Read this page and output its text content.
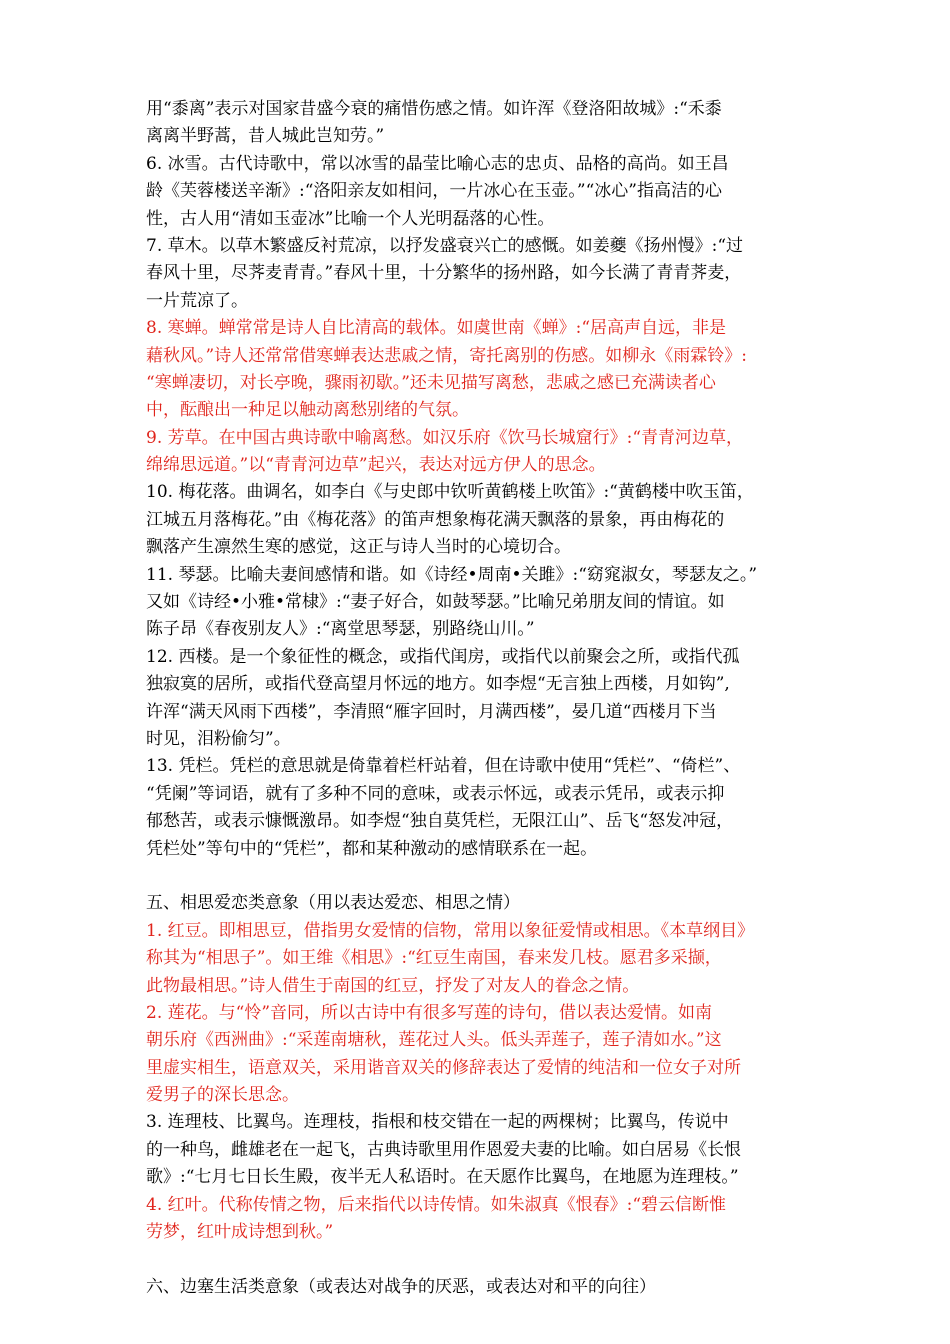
用“黍离”表示对国家昔盛今衰的痛惜伤感之情。如许浑《登洛阳故城》:“禾黍
离离半野蒿，昔人城此岂知劳。”
6. 冰雪。古代诗歌中，常以冰雪的晶莹比喻心志的忠贞、品格的高尚。如王昌
龄《芙蓉楼送辛渐》:“洛阳亲友如相问，一片冰心在玉壶。”“冰心”指高洁的心
性，古人用“清如玉壶冰”比喻一个人光明磊落的心性。
7. 草木。以草木繁盛反衬荒凉，以抒发盛衰兴亡的感慨。如姜夔《扬州慢》:“过
春风十里，尽荠麦青青。”春风十里，十分繁华的扬州路，如今长满了青青荠麦，
一片荒凉了。
8. 寒蝉。蝉常常是诗人自比清高的载体。如虞世南《蝉》:“居高声自远，非是
藉秋风。”诗人还常常借寒蝉表达悲戚之情，寄托离别的伤感。如柳永《雨霖铃》:
“寒蝉凄切，对长亭晚，骤雨初歇。”还未见描写离愁，悲戚之感已充满读者心
中，酝酿出一种足以触动离愁别绪的气氛。
9. 芳草。在中国古典诗歌中喻离愁。如汉乐府《饮马长城窟行》:“青青河边草，
绵绵思远道。”以“青青河边草”起兴，表达对远方伊人的思念。
10. 梅花落。曲调名，如李白《与史郎中钦听黄鹤楼上吹笛》:“黄鹤楼中吹玉笛，
江城五月落梅花。”由《梅花落》的笛声想象梅花满天飘落的景象，再由梅花的
飘落产生凛然生寒的感觉，这正与诗人当时的心境切合。
11. 琴瑟。比喻夫妻间感情和谐。如《诗经•周南•关雎》:“窈窕淑女，琴瑟友之。”
又如《诗经•小雅•常棣》:“妻子好合，如鼓琴瑟。”比喻兄弟朋友间的情谊。如
陈子昂《春夜别友人》:“离堂思琴瑟，别路绕山川。”
12. 西楼。是一个象征性的概念，或指代闺房，或指代以前聚会之所，或指代孤
独寂寞的居所，或指代登高望月怀远的地方。如李煜“无言独上西楼，月如钩”,
许浑“满天风雨下西楼”，李清照“雁字回时，月满西楼”，晏几道“西楼月下当
时见，泪粉偷匀”。
13. 凭栏。凭栏的意思就是倚靠着栏杆站着，但在诗歌中使用“凭栏”、“倚栏”、
“凭阑”等词语，就有了多种不同的意味，或表示怀远，或表示凭吊，或表示抑
郁愁苦，或表示慷慨激昂。如李煜“独自莫凭栏，无限江山”、岳飞“怒发冲冠，
凭栏处”等句中的“凭栏”，都和某种激动的感情联系在一起。
五、相思爱恋类意象（用以表达爱恋、相思之情）
1. 红豆。即相思豆，借指男女爱情的信物，常用以象征爱情或相思。《本草纲目》
称其为“相思子”。如王维《相思》:“红豆生南国，春来发几枝。愿君多采撷，
此物最相思。”诗人借生于南国的红豆，抒发了对友人的眷念之情。
2. 莲花。与“怜”音同，所以古诗中有很多写莲的诗句，借以表达爱情。如南
朝乐府《西洲曲》:“采莲南塘秋，莲花过人头。低头弄莲子，莲子清如水。”这
里虚实相生，语意双关，采用谐音双关的修辞表达了爱情的纯洁和一位女子对所
爱男子的深长思念。
3. 连理枝、比翼鸟。连理枝，指根和枝交错在一起的两棵树；比翼鸟，传说中
的一种鸟，雌雄老在一起飞，古典诗歌里用作恩爱夫妻的比喻。如白居易《长恨
歌》:“七月七日长生殿，夜半无人私语时。在天愿作比翼鸟，在地愿为连理枝。”
4. 红叶。代称传情之物，后来指代以诗传情。如朱淑真《恨春》:“碧云信断惟
劳梦，红叶成诗想到秋。”
六、边塞生活类意象（或表达对战争的厌恶，或表达对和平的向往）
